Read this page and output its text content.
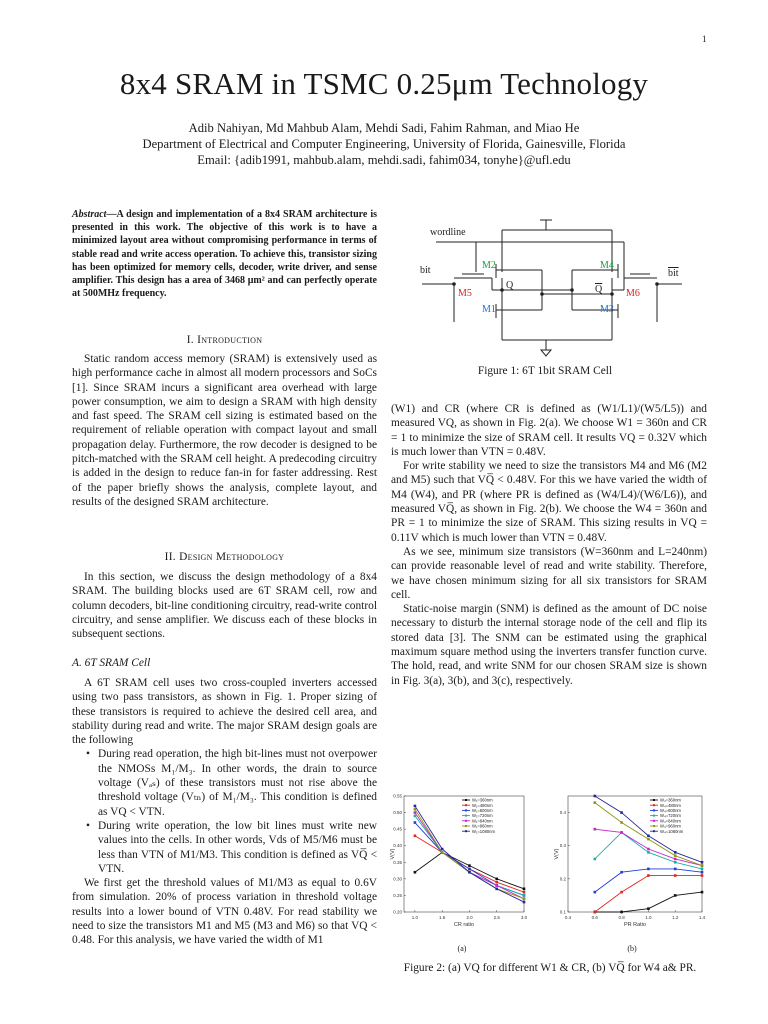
1
8x4 SRAM in TSMC 0.25μm Technology
Adib Nahiyan, Md Mahbub Alam, Mehdi Sadi, Fahim Rahman, and Miao He
Department of Electrical and Computer Engineering, University of Florida, Gainesville, Florida
Email: {adib1991, mahbub.alam, mehdi.sadi, fahim034, tonyhe}@ufl.edu
Abstract—A design and implementation of a 8x4 SRAM architecture is presented in this work. The objective of this work is to have a minimized layout area without compromising performance in terms of stable read and write access operation. To achieve this, transistor sizing has been optimized for memory cells, decoder, write driver, and sense amplifier. This design has a area of 3468 μm² and can perfectly operate at 500MHz frequency.
I. Introduction

Static random access memory (SRAM) is extensively used as high performance cache in almost all modern processors and SoCs [1]. Since SRAM incurs a significant area overhead with large power consumption, we aim to design a SRAM with high density and fast speed. The SRAM cell sizing is estimated based on the requirement of reliable operation with compact layout and small propagation delay. Furthermore, the row decoder is designed to be pitch-matched with the SRAM cell height. A predecoding circuitry is added in the design to reduce fan-in for faster addressing. Rest of the paper briefly shows the analysis, complete layout, and results of the designed SRAM architecture.

II. Design Methodology

In this section, we discuss the design methodology of a 8x4 SRAM. The building blocks used are 6T SRAM cell, row and column decoders, bit-line conditioning circuitry, read-write control circuitry, and sense amplifier. We discuss each of these blocks in subsequent sections.

A. 6T SRAM Cell

A 6T SRAM cell uses two cross-coupled inverters accessed using two pass transistors, as shown in Fig. 1. Proper sizing of these transistors is required to achieve the desired cell area, and stability during read and write. The major SRAM design goals are the following

• During read operation, the high bit-lines must not overpower the NMOSs M₁/M₃. In other words, the drain to source voltage (Vₐₛ) of these transistors must not rise above the threshold voltage (Vₜₙ) of M₁/M₃. This condition is defined as VQ < VTN.
• During write operation, the low bit lines must write new values into the cells. In other words, Vds of M5/M6 must be less than VTN of M1/M3. This condition is defined as VQ̅ < VTN.

We first get the threshold values of M1/M3 as equal to 0.6V from simulation. 20% of process variation in threshold voltage results into a lower bound of VTN 0.48V. For read stability we need to size the transistors M1 and M5 (M3 and M6) so that VQ < 0.48. For this analysis, we have varied the width of M1

wordline
bit	bit
M2	M4
M5	M6
M1	M3
Q	Q
Figure 1: 6T 1bit SRAM Cell

(W1) and CR (where CR is defined as (W1/L1)/(W5/L5)) and measured VQ, as shown in Fig. 2(a). We choose W1 = 360n and CR = 1 to minimize the size of SRAM cell. It results VQ = 0.32V which is much lower than VTN = 0.48V.

For write stability we need to size the transistors M4 and M6 (M2 and M5) such that VQ̅ < 0.48V. For this we have varied the width of M4 (W4), and PR (where PR is defined as (W4/L4)/(W6/L6)), and measured VQ̅, as shown in Fig. 2(b). We choose the W4 = 360n and PR = 1 to minimize the size of SRAM. This sizing results in VQ = 0.11V which is much lower than VTN = 0.48V.

As we see, minimum size transistors (W=360nm and L=240nm) can provide reasonable level of read and write stability. Therefore, we have chosen minimum sizing for all six transistors for SRAM cell.

Static-noise margin (SNM) is defined as the amount of DC noise necessary to disturb the internal storage node of the cell and flip its stored data [3]. The SNM can be estimated using the graphical maximum square method using the inverters transfer function curve. The hold, read, and write SNM for our chosen SRAM size is shown in Fig. 3(a), 3(b), and 3(c), respectively.

1.0	1.5	2.0	2.5	3.0
0.20
0.25
0.30
0.35
0.40
0.45
0.50
0.55
CR ratio
V(V)
W₁=360nm
W₁=480nm
W₁=600nm
W₁=720nm
W₁=840nm
W₁=960nm
W₁=1080nm
0.4	0.6	0.8	1.0	1.2	1.4
0.1
0.2
0.3
0.4
PR Ratio
V(V)
W₄=360nm
W₄=480nm
W₄=600nm
W₄=720nm
W₄=840nm
W₄=960nm
W₄=1080nm
(a)	(b)
Figure 2: (a) VQ for different W1 & CR, (b) VQ̅ for W4 a& PR.
